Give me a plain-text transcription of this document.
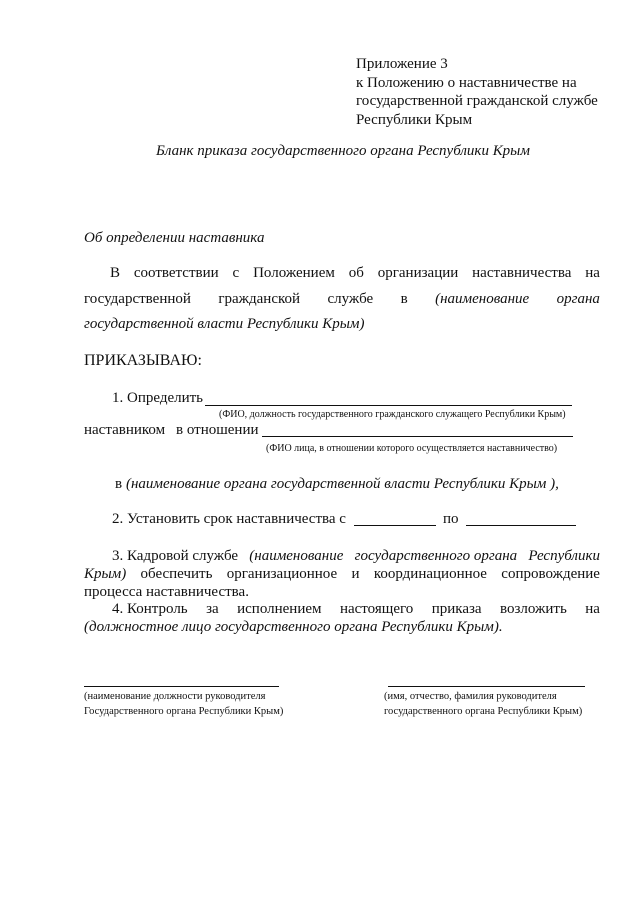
Приложение 3
к Положению о наставничестве на
государственной гражданской службе
Республики Крым
Бланк приказа государственного органа Республики Крым
Об определении наставника
В соответствии с Положением об организации наставничества на
государственной гражданской службе в (наименование органа
государственной власти Республики Крым)
ПРИКАЗЫВАЮ:
1. Определить
(ФИО, должность государственного гражданского служащего Республики Крым)
наставником в отношении
(ФИО лица, в отношении которого осуществляется наставничество)
в (наименование органа государственной власти Республики Крым ),
2. Установить срок наставничества с	по
3. Кадровой службе (наименование государственного органа Республики
Крым) обеспечить организационное и координационное сопровождение
процесса наставничества.
4. Контроль за исполнением настоящего приказа возложить на
(должностное лицо государственного органа Республики Крым).
(наименование должности руководителя
Государственного органа Республики Крым)
(имя, отчество, фамилия руководителя
государственного органа Республики Крым)
